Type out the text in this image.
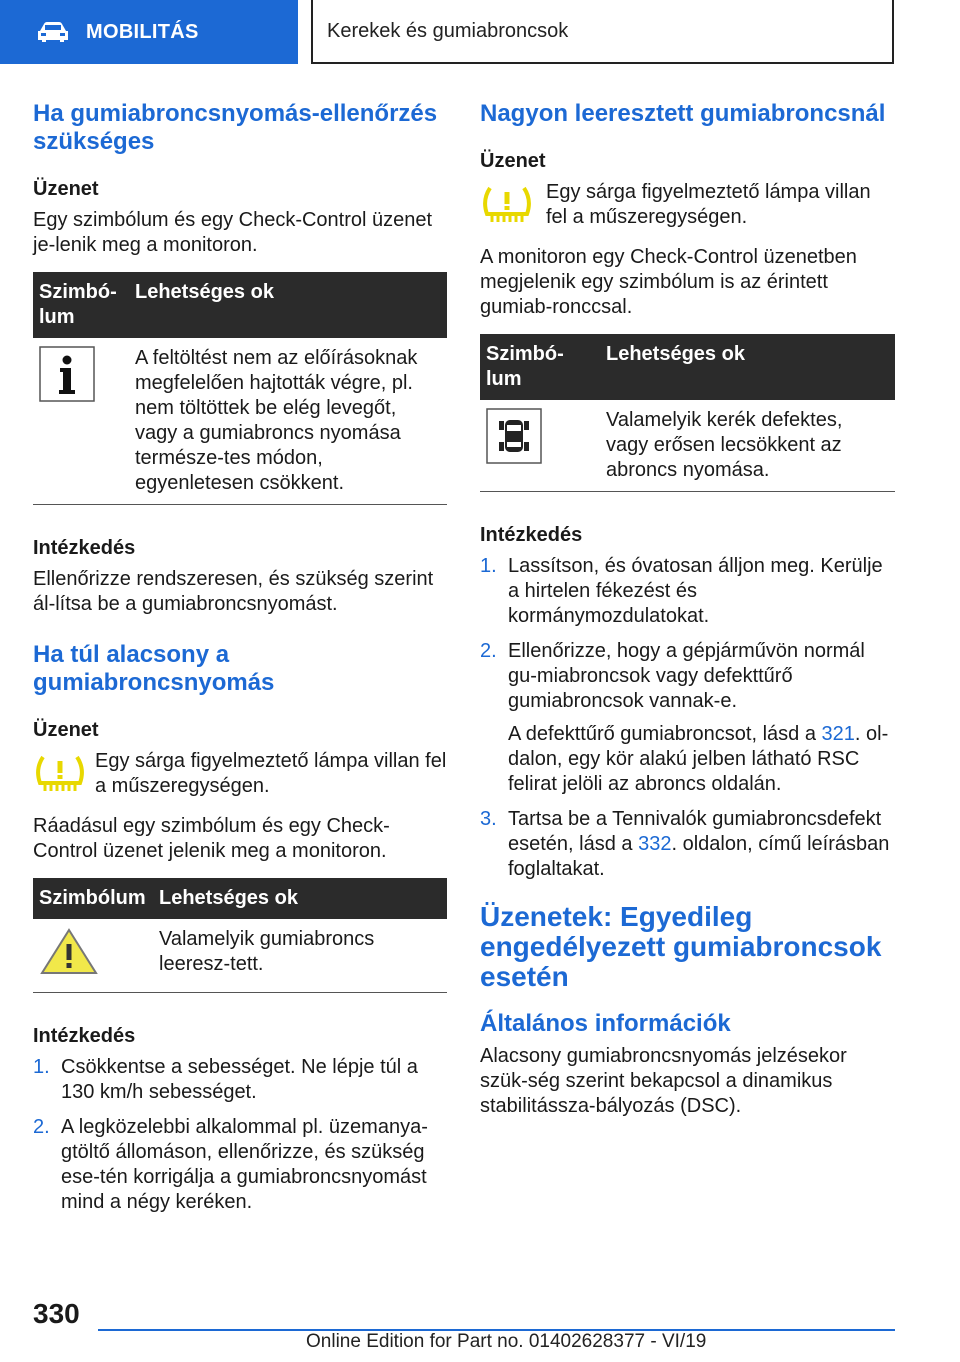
MOBILITÁS	Kerekek és gumiabroncsok
Ha gumiabroncsnyomás-ellenőrzés szükséges
Üzenet

Egy szimbólum és egy Check-Control üzenet je-lenik meg a monitoron.

Szimbó-lum	Lehetséges ok
	A feltöltést nem az előírásoknak megfelelően hajtották végre, pl. nem töltöttek be elég levegőt, vagy a gumiabroncs nyomása természe-tes módon, egyenletesen csökkent.
Intézkedés

Ellenőrizze rendszeresen, és szükség szerint ál-lítsa be a gumiabroncsnyomást.

Ha túl alacsony a gumiabroncsnyomás
Üzenet
Egy sárga figyelmeztető lámpa villan fel a műszeregységen.

Ráadásul egy szimbólum és egy Check-Control üzenet jelenik meg a monitoron.

Szimbólum	Lehetséges ok
	Valamelyik gumiabroncs leeresz-tett.
Intézkedés
1. Csökkentse a sebességet. Ne lépje túl a 130 km/h sebességet.
2. A legközelebbi alkalommal pl. üzemanya-gtöltő állomáson, ellenőrizze, és szükség ese-tén korrigálja a gumiabroncsnyomást mind a négy keréken.
Nagyon leeresztett gumiabroncsnál
Üzenet
Egy sárga figyelmeztető lámpa villan fel a műszeregységen.

A monitoron egy Check-Control üzenetben megjelenik egy szimbólum is az érintett gumiab-ronccsal.

Szimbó-lum	Lehetséges ok
	Valamelyik kerék defektes, vagy erősen lecsökkent az abroncs nyomása.
Intézkedés
1. Lassítson, és óvatosan álljon meg. Kerülje a hirtelen fékezést és kormánymozdulatokat.
2. Ellenőrizze, hogy a gépjárművön normál gu-miabroncsok vagy defekttűrő gumiabroncsok vannak-e.
A defekttűrő gumiabroncsot, lásd a 321. ol-dalon, egy kör alakú jelben látható RSC felirat jelöli az abroncs oldalán.
3. Tartsa be a Tennivalók gumiabroncsdefekt esetén, lásd a 332. oldalon, című leírásban foglaltakat.
Üzenetek: Egyedileg engedélyezett gumiabroncsok esetén
Általános információk

Alacsony gumiabroncsnyomás jelzésekor szük-ség szerint bekapcsol a dinamikus stabilitássza-bályozás (DSC).

330
Online Edition for Part no. 01402628377 - VI/19
